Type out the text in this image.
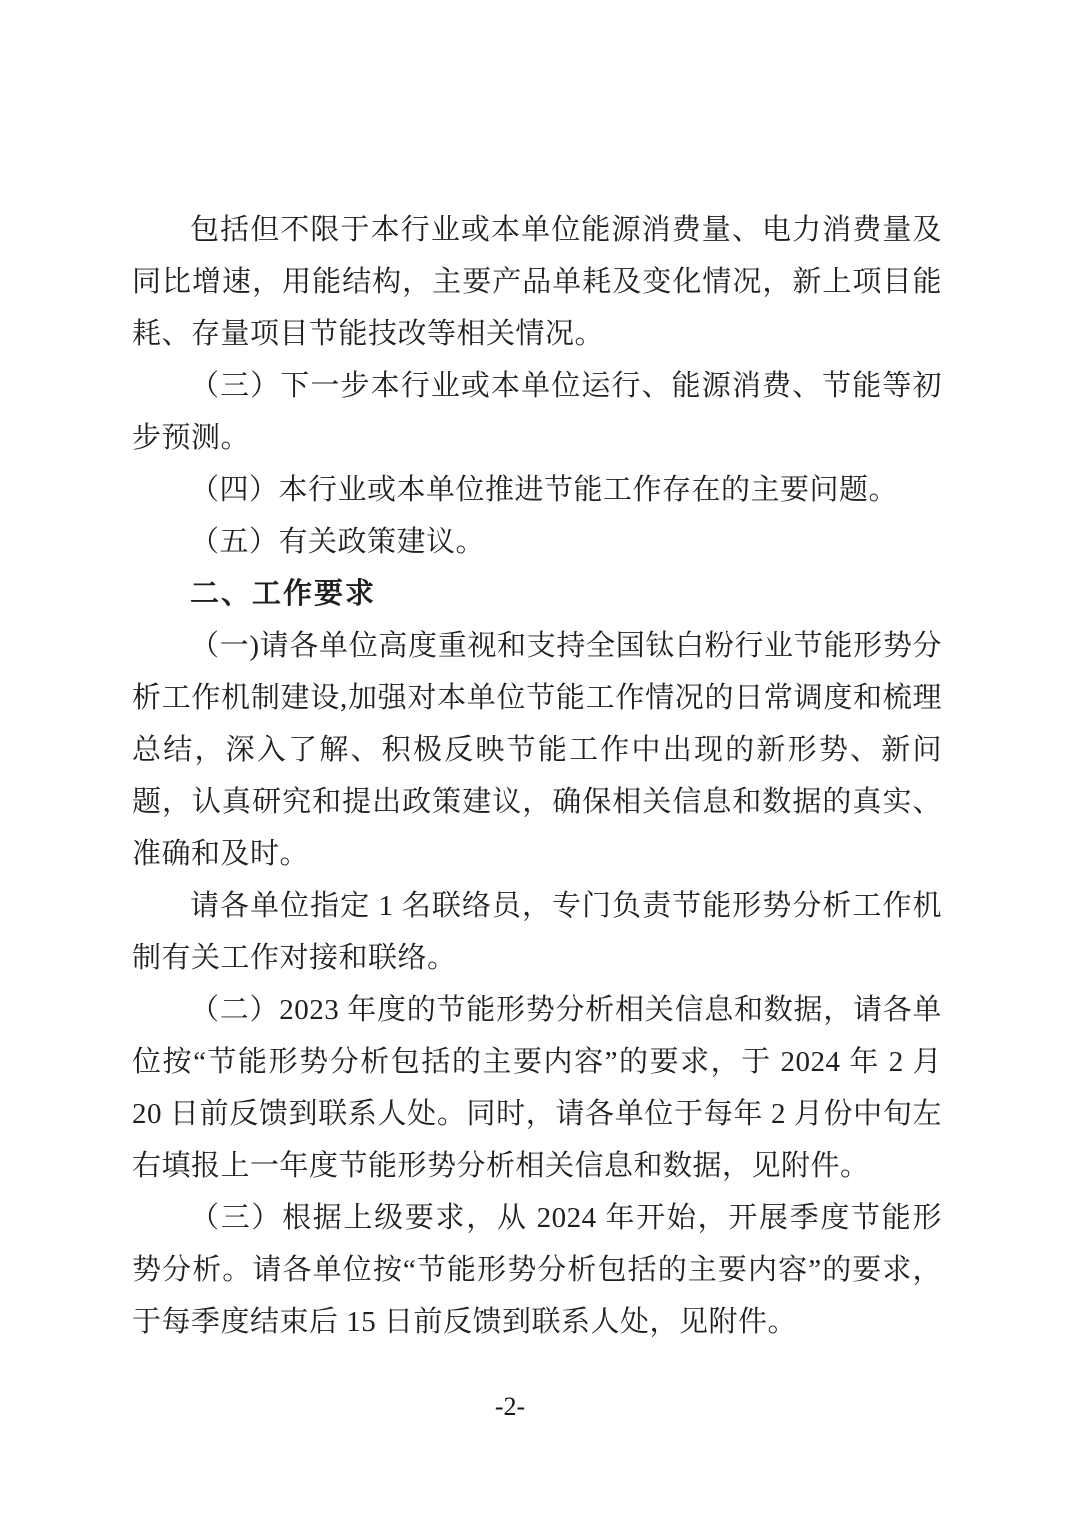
包括但不限于本行业或本单位能源消费量、电力消费量及同比增速，用能结构，主要产品单耗及变化情况，新上项目能耗、存量项目节能技改等相关情况。

（三）下一步本行业或本单位运行、能源消费、节能等初步预测。

（四）本行业或本单位推进节能工作存在的主要问题。

（五）有关政策建议。

二、工作要求

（一)请各单位高度重视和支持全国钛白粉行业节能形势分析工作机制建设,加强对本单位节能工作情况的日常调度和梳理总结，深入了解、积极反映节能工作中出现的新形势、新问题，认真研究和提出政策建议，确保相关信息和数据的真实、准确和及时。

请各单位指定 1 名联络员，专门负责节能形势分析工作机制有关工作对接和联络。

（二）2023 年度的节能形势分析相关信息和数据，请各单位按“节能形势分析包括的主要内容”的要求，于 2024 年 2 月 20 日前反馈到联系人处。同时，请各单位于每年 2 月份中旬左右填报上一年度节能形势分析相关信息和数据，见附件。

（三）根据上级要求，从 2024 年开始，开展季度节能形势分析。请各单位按“节能形势分析包括的主要内容”的要求，于每季度结束后 15 日前反馈到联系人处，见附件。

-2-
